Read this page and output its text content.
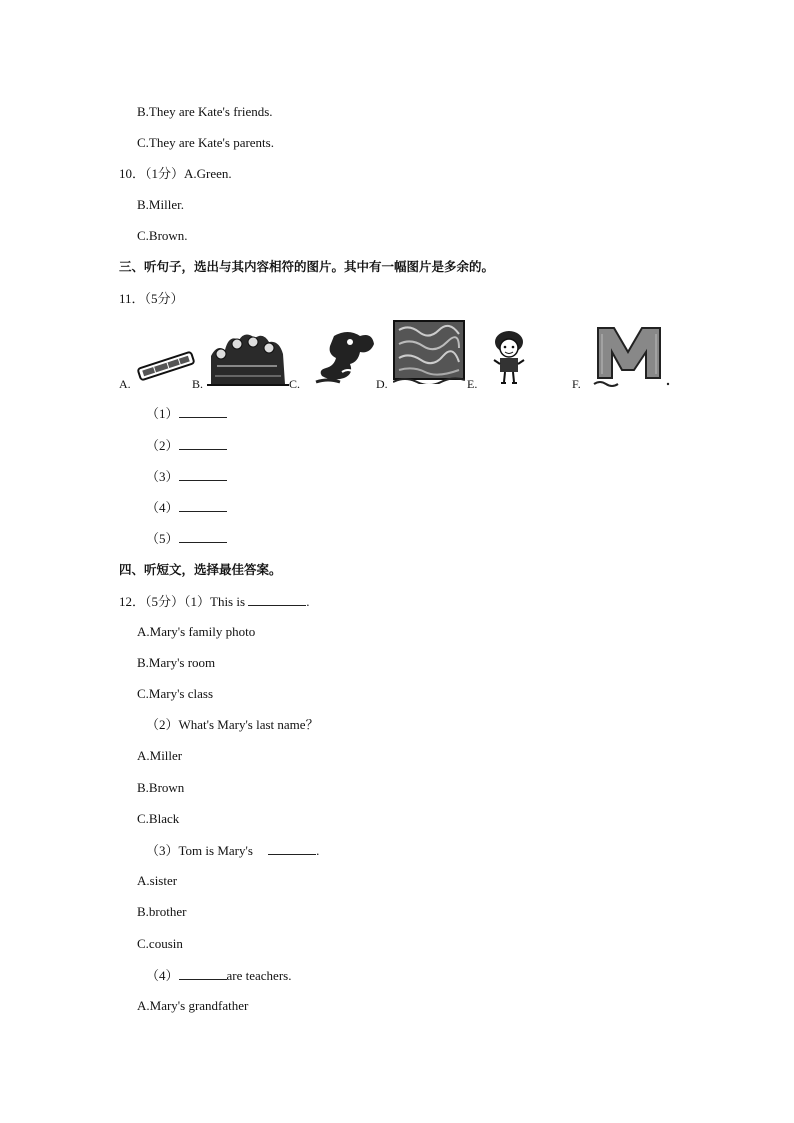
B.They are Kate's friends.
C.They are Kate's parents.
10．（1分）A.Green.
B.Miller.
C.Brown.
三、听句子，选出与其内容相符的图片。其中有一幅图片是多余的。
11．（5分）
A.	B.	C.	D.	E.	F.
（1）
（2）
（3）
（4）
（5）
四、听短文，选择最佳答案。
12．（5分）（1）This is	.
A.Mary's family photo
B.Mary's room
C.Mary's class
（2）What's Mary's last name？
A.Miller
B.Brown
C.Black
（3）Tom is Mary's	.
A.sister
B.brother
C.cousin
（4）	are teachers.
A.Mary's grandfather
